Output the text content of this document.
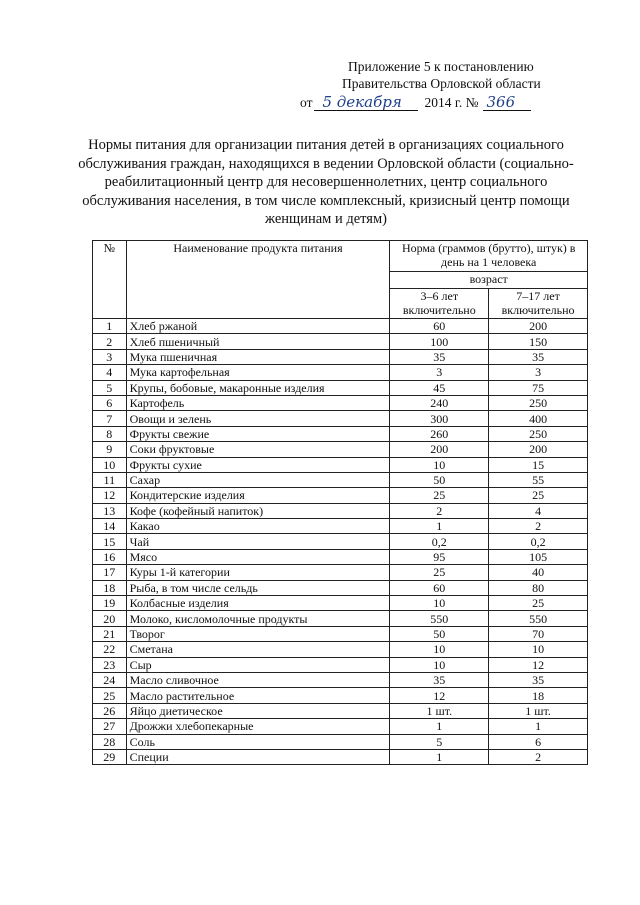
Приложение 5 к постановлению
Правительства Орловской области
от 5 декабря 2014 г. № 366
Нормы питания для организации питания детей в организациях социального обслуживания граждан, находящихся в ведении Орловской области (социально-реабилитационный центр для несовершеннолетних, центр социального обслуживания населения, в том числе комплексный, кризисный центр помощи женщинам и детям)
№	Наименование продукта питания	Норма (граммов (брутто), штук) в день на 1 человека	
		возраст	
		3–6 лет включительно	7–17 лет включительно
1	Хлеб ржаной	60	200
2	Хлеб пшеничный	100	150
3	Мука пшеничная	35	35
4	Мука картофельная	3	3
5	Крупы, бобовые, макаронные изделия	45	75
6	Картофель	240	250
7	Овощи и зелень	300	400
8	Фрукты свежие	260	250
9	Соки фруктовые	200	200
10	Фрукты сухие	10	15
11	Сахар	50	55
12	Кондитерские изделия	25	25
13	Кофе (кофейный напиток)	2	4
14	Какао	1	2
15	Чай	0,2	0,2
16	Мясо	95	105
17	Куры 1-й категории	25	40
18	Рыба, в том числе сельдь	60	80
19	Колбасные изделия	10	25
20	Молоко, кисломолочные продукты	550	550
21	Творог	50	70
22	Сметана	10	10
23	Сыр	10	12
24	Масло сливочное	35	35
25	Масло растительное	12	18
26	Яйцо диетическое	1 шт.	1 шт.
27	Дрожжи хлебопекарные	1	1
28	Соль	5	6
29	Специи	1	2
